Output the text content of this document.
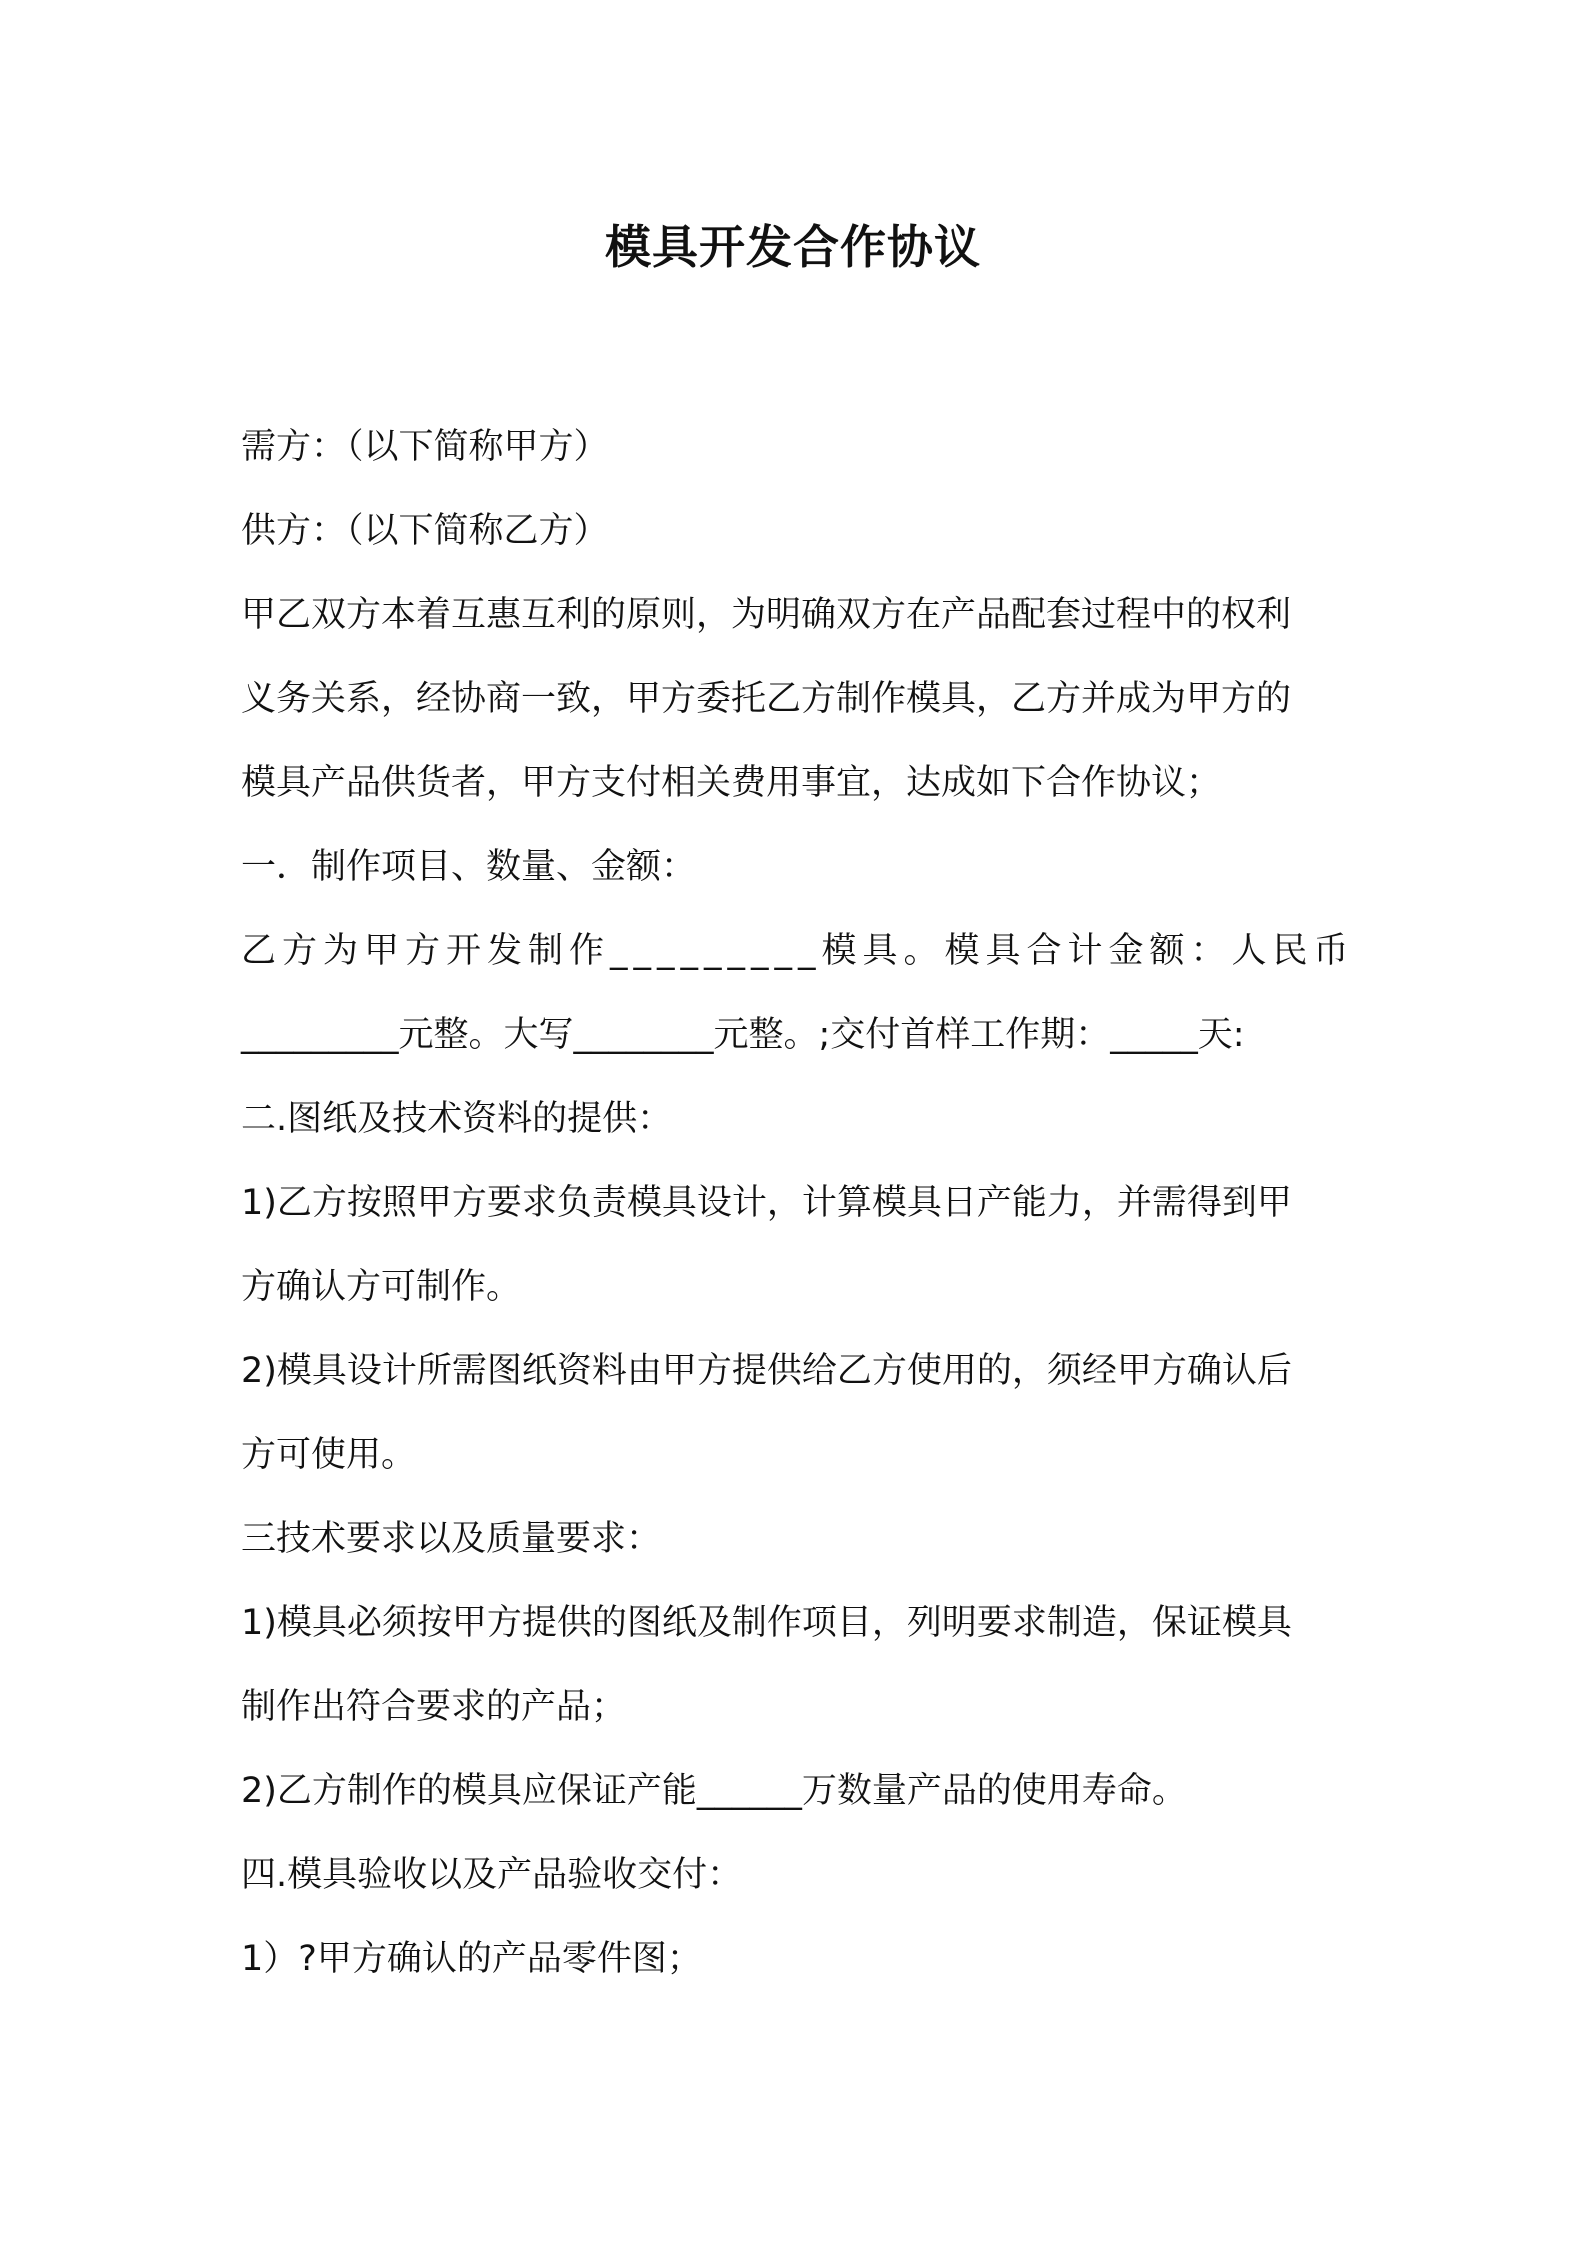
模具开发合作协议
需方：（以下简称甲方）
供方：（以下简称乙方）
甲乙双方本着互惠互利的原则，为明确双方在产品配套过程中的权利
义务关系，经协商一致，甲方委托乙方制作模具，乙方并成为甲方的
模具产品供货者，甲方支付相关费用事宜，达成如下合作协议；
一．制作项目、数量、金额：
乙方为甲方开发制作_________模具。模具合计金额：人民币
_________元整。大写________元整。;交付首样工作期：_____天:
二.图纸及技术资料的提供：
1)乙方按照甲方要求负责模具设计，计算模具日产能力，并需得到甲
方确认方可制作。
2)模具设计所需图纸资料由甲方提供给乙方使用的，须经甲方确认后
方可使用。
三技术要求以及质量要求：
1)模具必须按甲方提供的图纸及制作项目，列明要求制造，保证模具
制作出符合要求的产品；
2)乙方制作的模具应保证产能______万数量产品的使用寿命。
四.模具验收以及产品验收交付：
1）?甲方确认的产品零件图；
